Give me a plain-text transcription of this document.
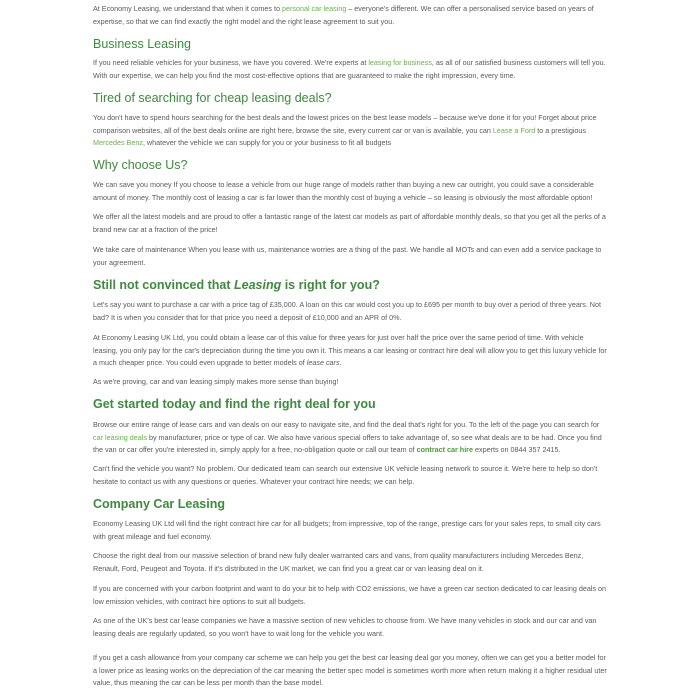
At Economy Leasing, we understand that when it comes to personal car leasing – everyone's different. We can offer a personalised service based on years of expertise, so that we can find exactly the right model and the right lease agreement to suit you.

Business Leasing

If you need reliable vehicles for your business, we have you covered. We're experts at leasing for business, as all of our satisfied business customers will tell you. With our expertise, we can help you find the most cost-effective options that are guaranteed to make the right impression, every time.

Tired of searching for cheap leasing deals?

You don't have to spend hours searching for the best deals and the lowest prices on the best lease models – because we've done it for you! Forget about price comparison websites, all of the best deals online are right here, browse the site, every current car or van is available, you can Lease a Ford to a prestigious Mercedes Benz, whatever the vehicle we can supply for you or your business to fit all budgets

Why choose Us?

We can save you money If you choose to lease a vehicle from our huge range of models rather than buying a new car outright, you could save a considerable amount of money. The monthly cost of leasing a car is far lower than the monthly cost of buying a vehicle – so leasing is obviously the most affordable option!

We offer all the latest models and are proud to offer a fantastic range of the latest car models as part of affordable monthly deals, so that you get all the perks of a brand new car at a fraction of the price!

We take care of maintenance When you lease with us, maintenance worries are a thing of the past. We handle all MOTs and can even add a service package to your agreement.

Still not convinced that Leasing is right for you?

Let's say you want to purchase a car with a price tag of £35,000. A loan on this car would cost you up to £695 per month to buy over a period of three years. Not bad? It is when you consider that for that price you need a deposit of £10,000 and an APR of 0%.

At Economy Leasing UK Ltd, you could obtain a lease car of this value for three years for just over half the price over the same period of time. With vehicle leasing, you only pay for the car's depreciation during the time you own it. This means a car leasing or contract hire deal will allow you to get this luxury vehicle for a much cheaper price. You could even upgrade to better models of lease cars.

As we're proving, car and van leasing simply makes more sense than buying!

Get started today and find the right deal for you

Browse our entire range of lease cars and van deals on our easy to navigate site, and find the deal that's right for you. To the left of the page you can search for car leasing deals by manufacturer, price or type of car. We also have various special offers to take advantage of, so see what deals are to be had. Once you find the van or car offer you're interested in, simply apply for a free, no-obligation quote or call our team of contract car hire experts on 0844 357 2415.

Can't find the vehicle you want? No problem. Our dedicated team can search our extensive UK vehicle leasing network to source it. We're here to help so don't hesitate to contact us with any questions or queries. Whatever your contract hire needs; we can help.

Company Car Leasing

Economy Leasing UK Ltd will find the right contract hire car for all budgets; from impressive, top of the range, prestige cars for your sales reps, to small city cars with great mileage and fuel economy.

Choose the right deal from our massive selection of brand new fully dealer warranted cars and vans, from quality manufacturers including Mercedes Benz, Renault, Ford, Peugeot and Toyota. If it's distributed in the UK market, we can find you a great car or van leasing deal on it.

If you are concerned with your carbon footprint and want to do your bit to help with CO2 emissions, we have a green car section dedicated to car leasing deals on low emission vehicles, with contract hire options to suit all budgets.

As one of the UK's best car lease companies we have a massive section of new vehicles to choose from. We have many vehicles in stock and our car and van leasing deals are regularly updated, so you won't have to wait long for the vehicle you want.

If you get a cash allowance from your company car scheme we can help you get the best car leasing deal gor you money, often we can get you a better model for a lower price as leasing works on the depreciation of the car meaning the better spec model is sometimes worth more when return making it a higher residual uter value, thus meaning the car can be less per month than the base model.
